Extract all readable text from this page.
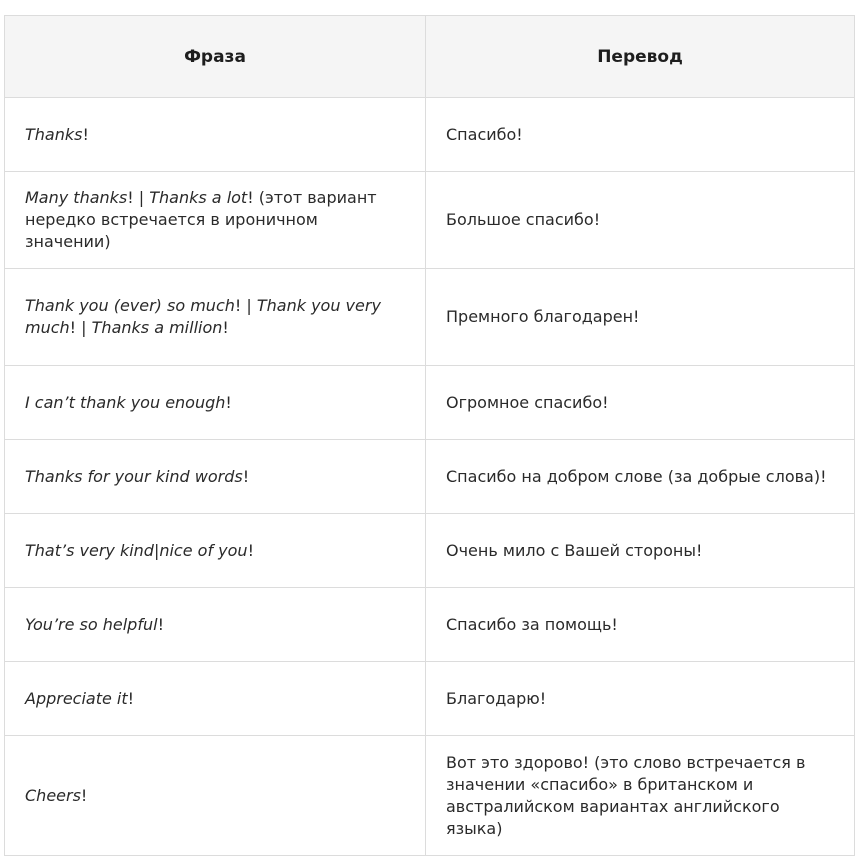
Фраза	Перевод
Thanks!	Спасибо!
Many thanks! | Thanks a lot! (этот вариант нередко встречается в ироничном значении)	Большое спасибо!
Thank you (ever) so much! | Thank you very much! | Thanks a million!	Премного благодарен!
I can’t thank you enough!	Огромное спасибо!
Thanks for your kind words!	Спасибо на добром слове (за добрые слова)!
That’s very kind|nice of you!	Очень мило с Вашей стороны!
You’re so helpful!	Спасибо за помощь!
Appreciate it!	Благодарю!
Cheers!	Вот это здорово! (это слово встречается в значении «спасибо» в британском и австралийском вариантах английского языка)
